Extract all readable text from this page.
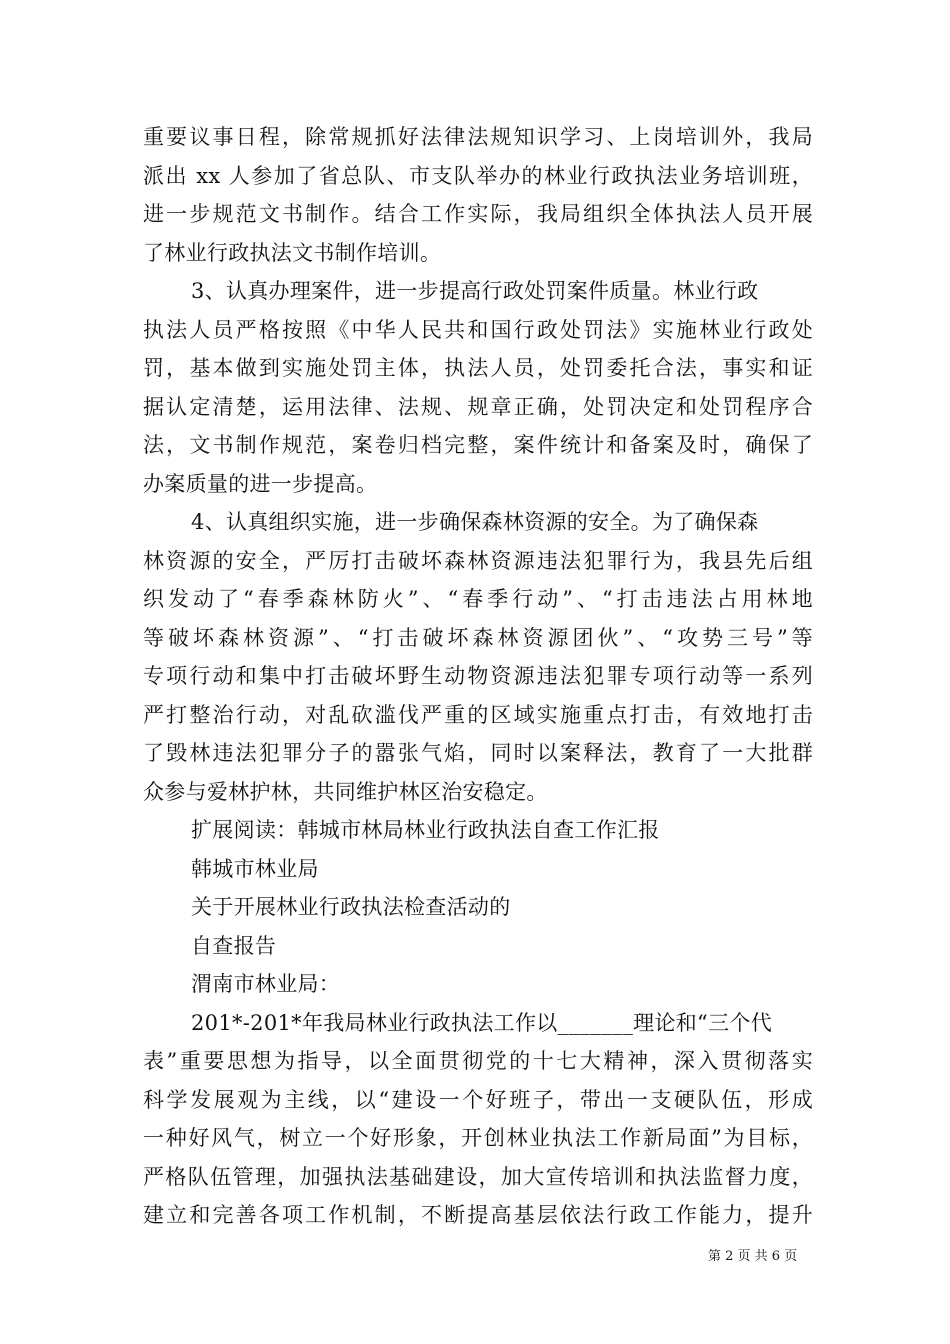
重要议事日程，除常规抓好法律法规知识学习、上岗培训外，我局
派出 xx 人参加了省总队、市支队举办的林业行政执法业务培训班，
进一步规范文书制作。结合工作实际，我局组织全体执法人员开展
了林业行政执法文书制作培训。
3、认真办理案件，进一步提高行政处罚案件质量。林业行政
执法人员严格按照《中华人民共和国行政处罚法》实施林业行政处
罚，基本做到实施处罚主体，执法人员，处罚委托合法，事实和证
据认定清楚，运用法律、法规、规章正确，处罚决定和处罚程序合
法，文书制作规范，案卷归档完整，案件统计和备案及时，确保了
办案质量的进一步提高。
4、认真组织实施，进一步确保森林资源的安全。为了确保森
林资源的安全，严厉打击破坏森林资源违法犯罪行为，我县先后组
织发动了“春季森林防火”、“春季行动”、“打击违法占用林地
等破坏森林资源”、“打击破坏森林资源团伙”、“攻势三号”等
专项行动和集中打击破坏野生动物资源违法犯罪专项行动等一系列
严打整治行动，对乱砍滥伐严重的区域实施重点打击，有效地打击
了毁林违法犯罪分子的嚣张气焰，同时以案释法，教育了一大批群
众参与爱林护林，共同维护林区治安稳定。
扩展阅读：韩城市林局林业行政执法自查工作汇报
韩城市林业局
关于开展林业行政执法检查活动的
自查报告
渭南市林业局：
201*-201*年我局林业行政执法工作以_______理论和“三个代
表”重要思想为指导，以全面贯彻党的十七大精神，深入贯彻落实
科学发展观为主线，以“建设一个好班子，带出一支硬队伍，形成
一种好风气，树立一个好形象，开创林业执法工作新局面”为目标，
严格队伍管理，加强执法基础建设，加大宣传培训和执法监督力度，
建立和完善各项工作机制，不断提高基层依法行政工作能力，提升
第 2 页 共 6 页
